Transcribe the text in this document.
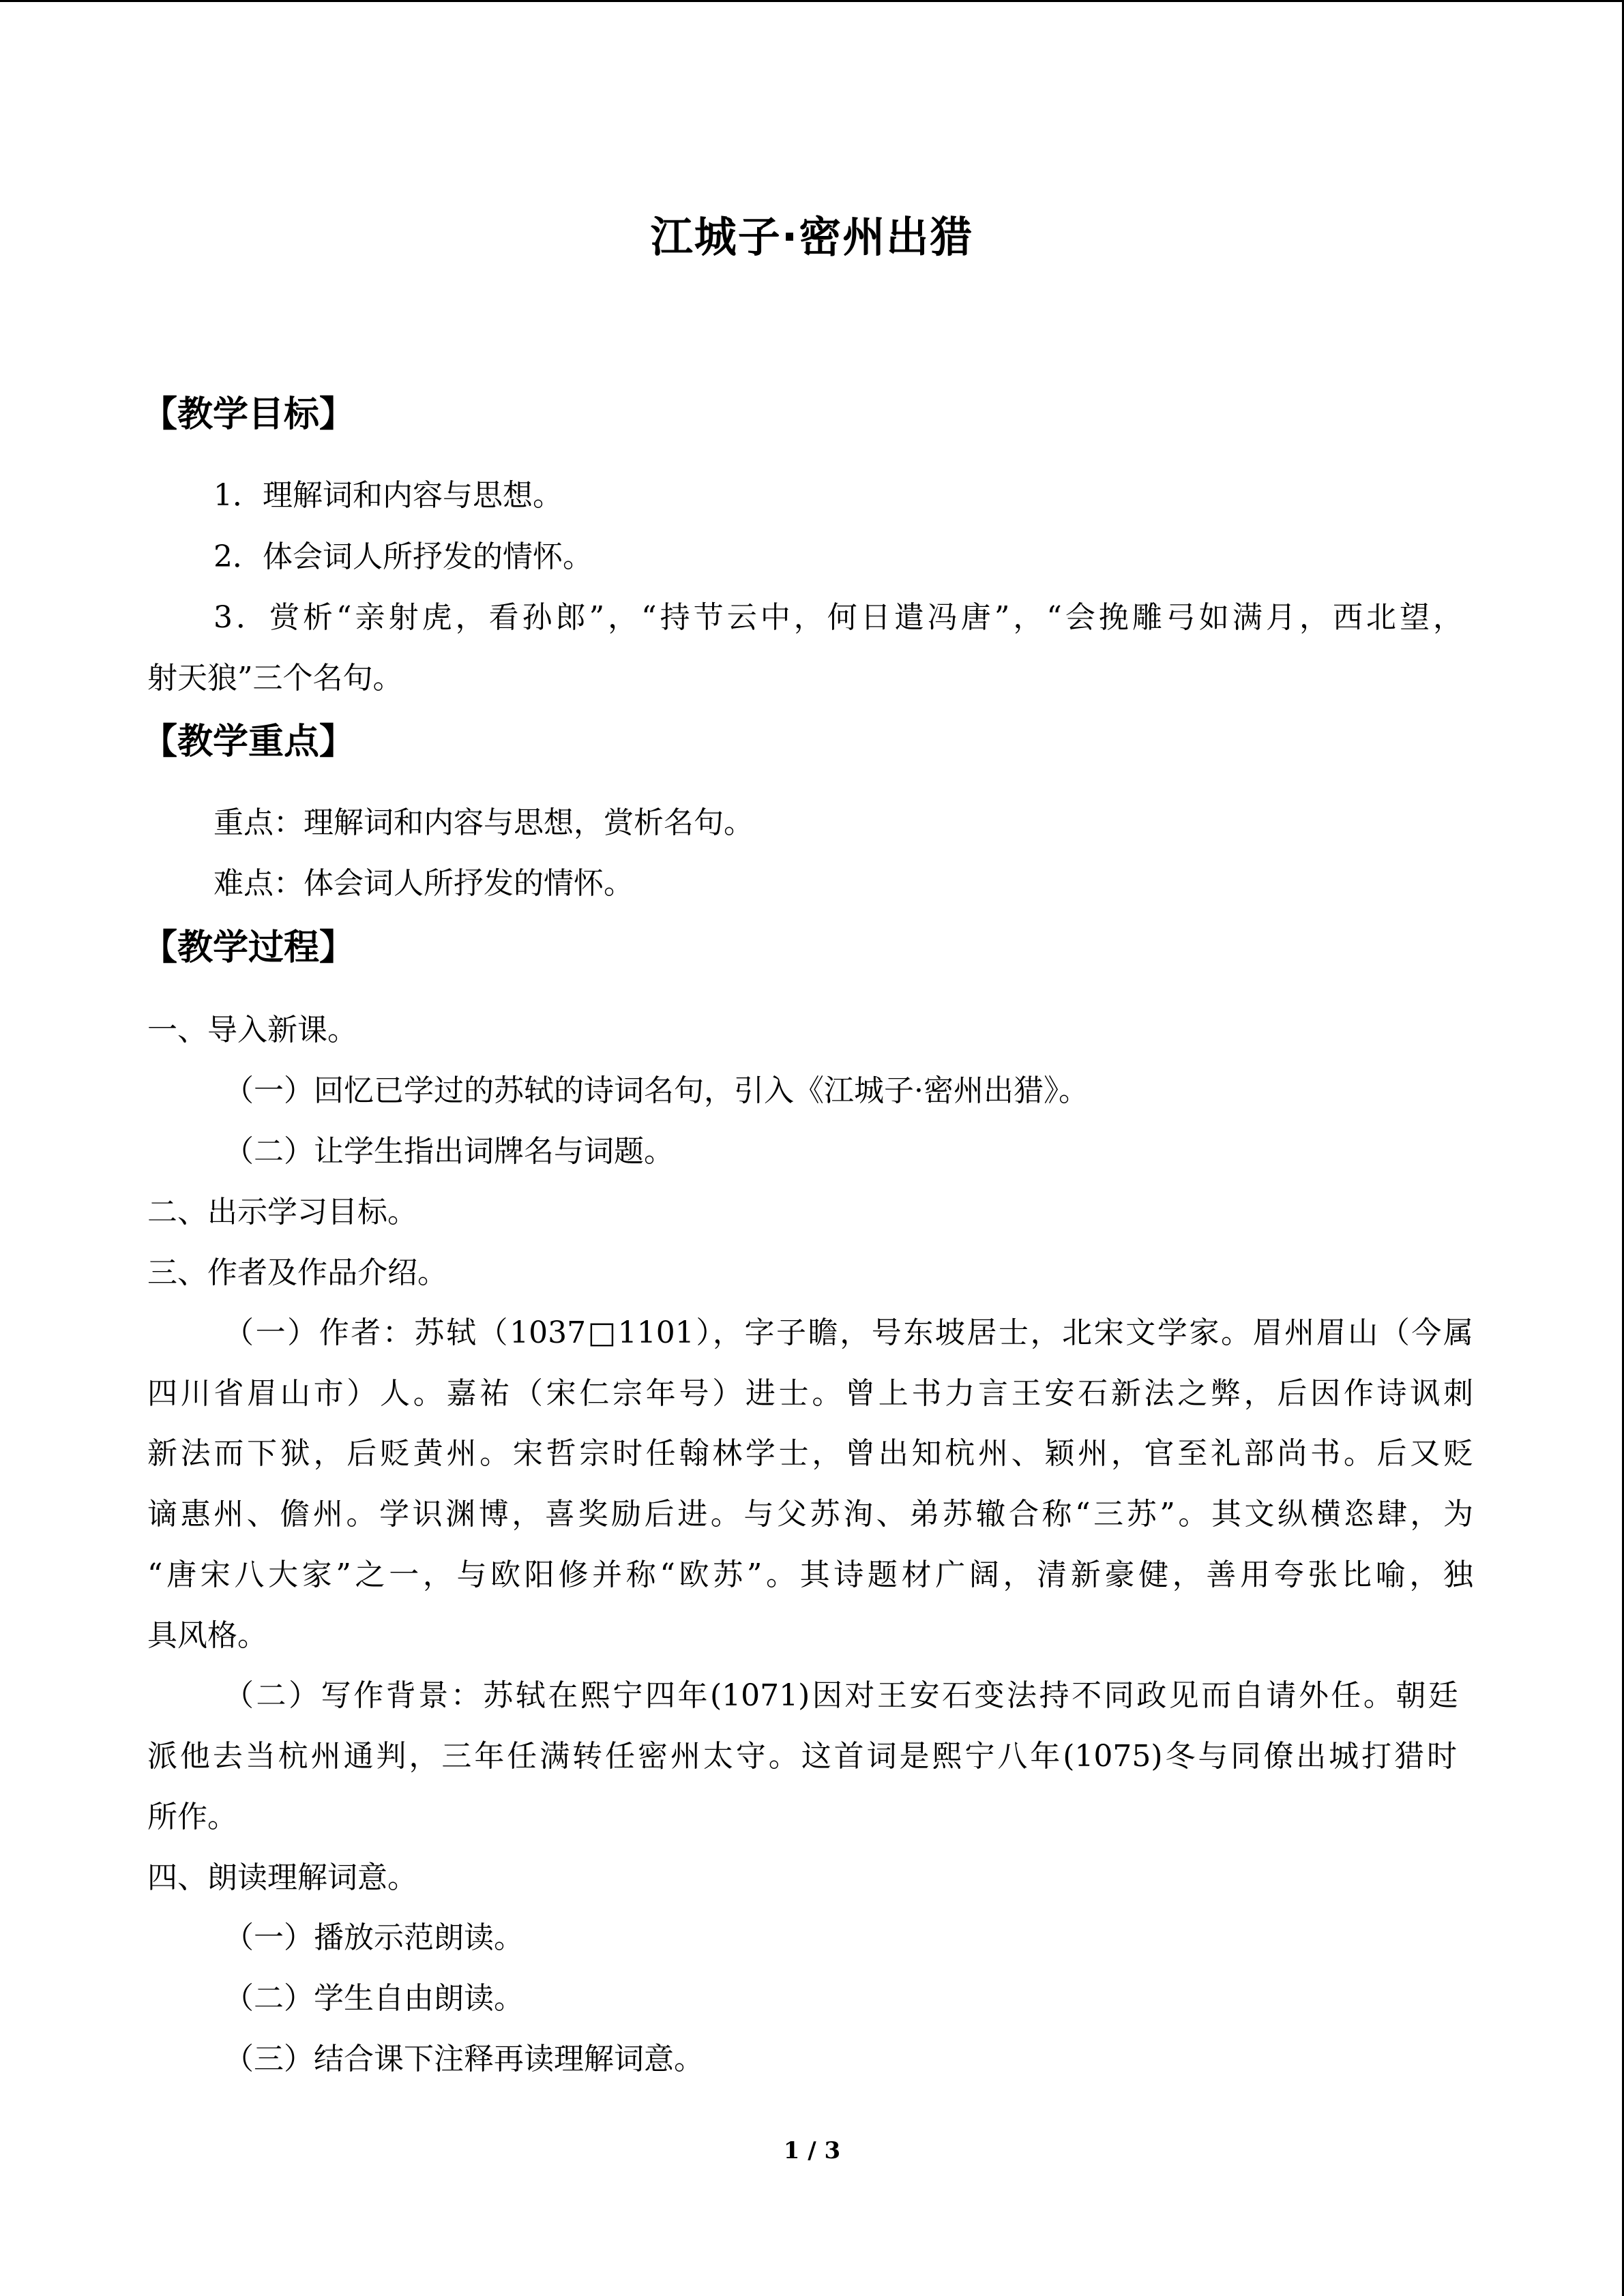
江城子·密州出猎
【教学目标】
1．理解词和内容与思想。
2．体会词人所抒发的情怀。
3．赏析“亲射虎，看孙郎”，“持节云中，何日遣冯唐”，“会挽雕弓如满月，西北望，
射天狼”三个名句。
【教学重点】
重点：理解词和内容与思想，赏析名句。
难点：体会词人所抒发的情怀。
【教学过程】
一、导入新课。
（一）回忆已学过的苏轼的诗词名句，引入《江城子·密州出猎》。
（二）让学生指出词牌名与词题。
二、出示学习目标。
三、作者及作品介绍。
（一）作者：苏轼（1037□1101），字子瞻，号东坡居士，北宋文学家。眉州眉山（今属
四川省眉山市）人。嘉祐（宋仁宗年号）进士。曾上书力言王安石新法之弊，后因作诗讽刺
新法而下狱，后贬黄州。宋哲宗时任翰林学士，曾出知杭州、颖州，官至礼部尚书。后又贬
谪惠州、儋州。学识渊博，喜奖励后进。与父苏洵、弟苏辙合称“三苏”。其文纵横恣肆，为
“唐宋八大家”之一，与欧阳修并称“欧苏”。其诗题材广阔，清新豪健，善用夸张比喻，独
具风格。
（二）写作背景：苏轼在熙宁四年(1071)因对王安石变法持不同政见而自请外任。朝廷
派他去当杭州通判，三年任满转任密州太守。这首词是熙宁八年(1075)冬与同僚出城打猎时
所作。
四、朗读理解词意。
（一）播放示范朗读。
（二）学生自由朗读。
（三）结合课下注释再读理解词意。
1 / 3
